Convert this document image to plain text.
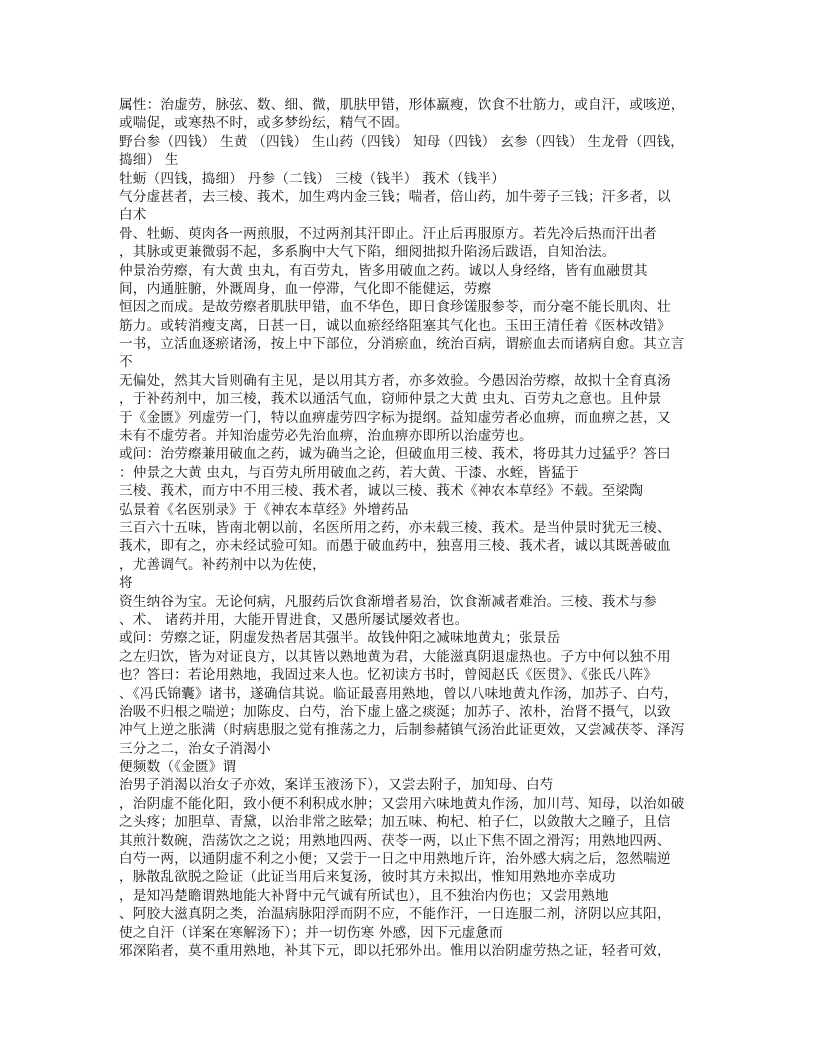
属性：治虚劳，脉弦、数、细、微，肌肤甲错，形体羸瘦，饮食不壮筋力，或自汗，或咳逆，
或喘促，或寒热不时，或多梦纷纭，精气不固。
野台参（四钱） 生黄 （四钱） 生山药（四钱） 知母（四钱） 玄参（四钱） 生龙骨（四钱，
捣细） 生
牡蛎（四钱，捣细） 丹参（二钱） 三棱（钱半） 莪术（钱半）
气分虚甚者，去三棱、莪术，加生鸡内金三钱；喘者，倍山药，加牛蒡子三钱；汗多者，以
白术
骨、牡蛎、萸肉各一两煎服，不过两剂其汗即止。汗止后再服原方。若先冷后热而汗出者
，其脉或更兼微弱不起，多系胸中大气下陷，细阅拙拟升陷汤后跋语，自知治法。
仲景治劳瘵，有大黄 虫丸，有百劳丸，皆多用破血之药。诚以人身经络，皆有血融贯其
间，内通脏腑，外溉周身，血一停滞，气化即不能健运，劳瘵
恒因之而成。是故劳瘵者肌肤甲错，血不华色，即日食珍馐服参苓，而分毫不能长肌肉、壮
筋力。或转消瘦支离，日甚一日，诚以血瘀经络阻塞其气化也。玉田王清任着《医林改错》
一书，立活血逐瘀诸汤，按上中下部位，分消瘀血，统治百病，谓瘀血去而诸病自愈。其立言
不
无偏处，然其大旨则确有主见，是以用其方者，亦多效验。今愚因治劳瘵，故拟十全育真汤
，于补药剂中，加三棱，莪术以通活气血，窃师仲景之大黄 虫丸、百劳丸之意也。且仲景
于《金匮》列虚劳一门，特以血痹虚劳四字标为提纲。益知虚劳者必血痹，而血痹之甚，又
未有不虚劳者。并知治虚劳必先治血痹，治血痹亦即所以治虚劳也。
或问：治劳瘵兼用破血之药，诚为确当之论，但破血用三棱、莪术，将毋其力过猛乎？答曰
：仲景之大黄 虫丸，与百劳丸所用破血之药，若大黄、干漆、水蛭，皆猛于
三棱、莪术，而方中不用三棱、莪术者，诚以三棱、莪术《神农本草经》不载。至梁陶
弘景着《名医别录》于《神农本草经》外增药品
三百六十五味，皆南北朝以前，名医所用之药，亦未载三棱、莪术。是当仲景时犹无三棱、
莪术，即有之，亦未经试验可知。而愚于破血药中，独喜用三棱、莪术者，诚以其既善破血
，尤善调气。补药剂中以为佐使，
将
资生纳谷为宝。无论何病，凡服药后饮食渐增者易治，饮食渐减者难治。三棱、莪术与参
、术、 诸药并用，大能开胃进食，又愚所屡试屡效者也。
或问：劳瘵之证，阴虚发热者居其强半。故钱仲阳之减味地黄丸；张景岳
之左归饮，皆为对证良方，以其皆以熟地黄为君，大能滋真阴退虚热也。子方中何以独不用
也？答曰：若论用熟地，我固过来人也。忆初读方书时，曾阅赵氏《医贯》、《张氏八阵》
、《冯氏锦囊》诸书，遂确信其说。临证最喜用熟地，曾以八味地黄丸作汤，加苏子、白芍，
治吸不归根之喘逆；加陈皮、白芍，治下虚上盛之痰涎；加苏子、浓朴，治肾不摄气，以致
冲气上逆之胀满（时病患服之觉有推荡之力，后制参赭镇气汤治此证更效，又尝减茯苓、泽泻
三分之二，治女子消渴小
便频数（《金匮》谓
治男子消渴以治女子亦效，案详玉液汤下），又尝去附子，加知母、白芍
，治阴虚不能化阳，致小便不利积成水肿；又尝用六味地黄丸作汤，加川芎、知母，以治如破
之头疼；加胆草、青黛，以治非常之眩晕；加五味、枸杞、柏子仁，以敛散大之瞳子，且信
其煎汁数碗，浩荡饮之之说；用熟地四两、茯苓一两，以止下焦不固之滑泻；用熟地四两、
白芍一两，以通阴虚不利之小便；又尝于一日之中用熟地斤许，治外感大病之后，忽然喘逆
，脉散乱欲脱之险证（此证当用后来复汤，彼时其方未拟出，惟知用熟地亦幸成功
，是知冯楚瞻谓熟地能大补肾中元气诚有所试也），且不独治内伤也；又尝用熟地
、阿胶大滋真阴之类，治温病脉阳浮而阴不应，不能作汗，一日连服二剂，济阴以应其阳，
使之自汗（详案在寒解汤下）；并一切伤寒 外感，因下元虚惫而
邪深陷者，莫不重用熟地，补其下元，即以托邪外出。惟用以治阴虚劳热之证，轻者可效，
